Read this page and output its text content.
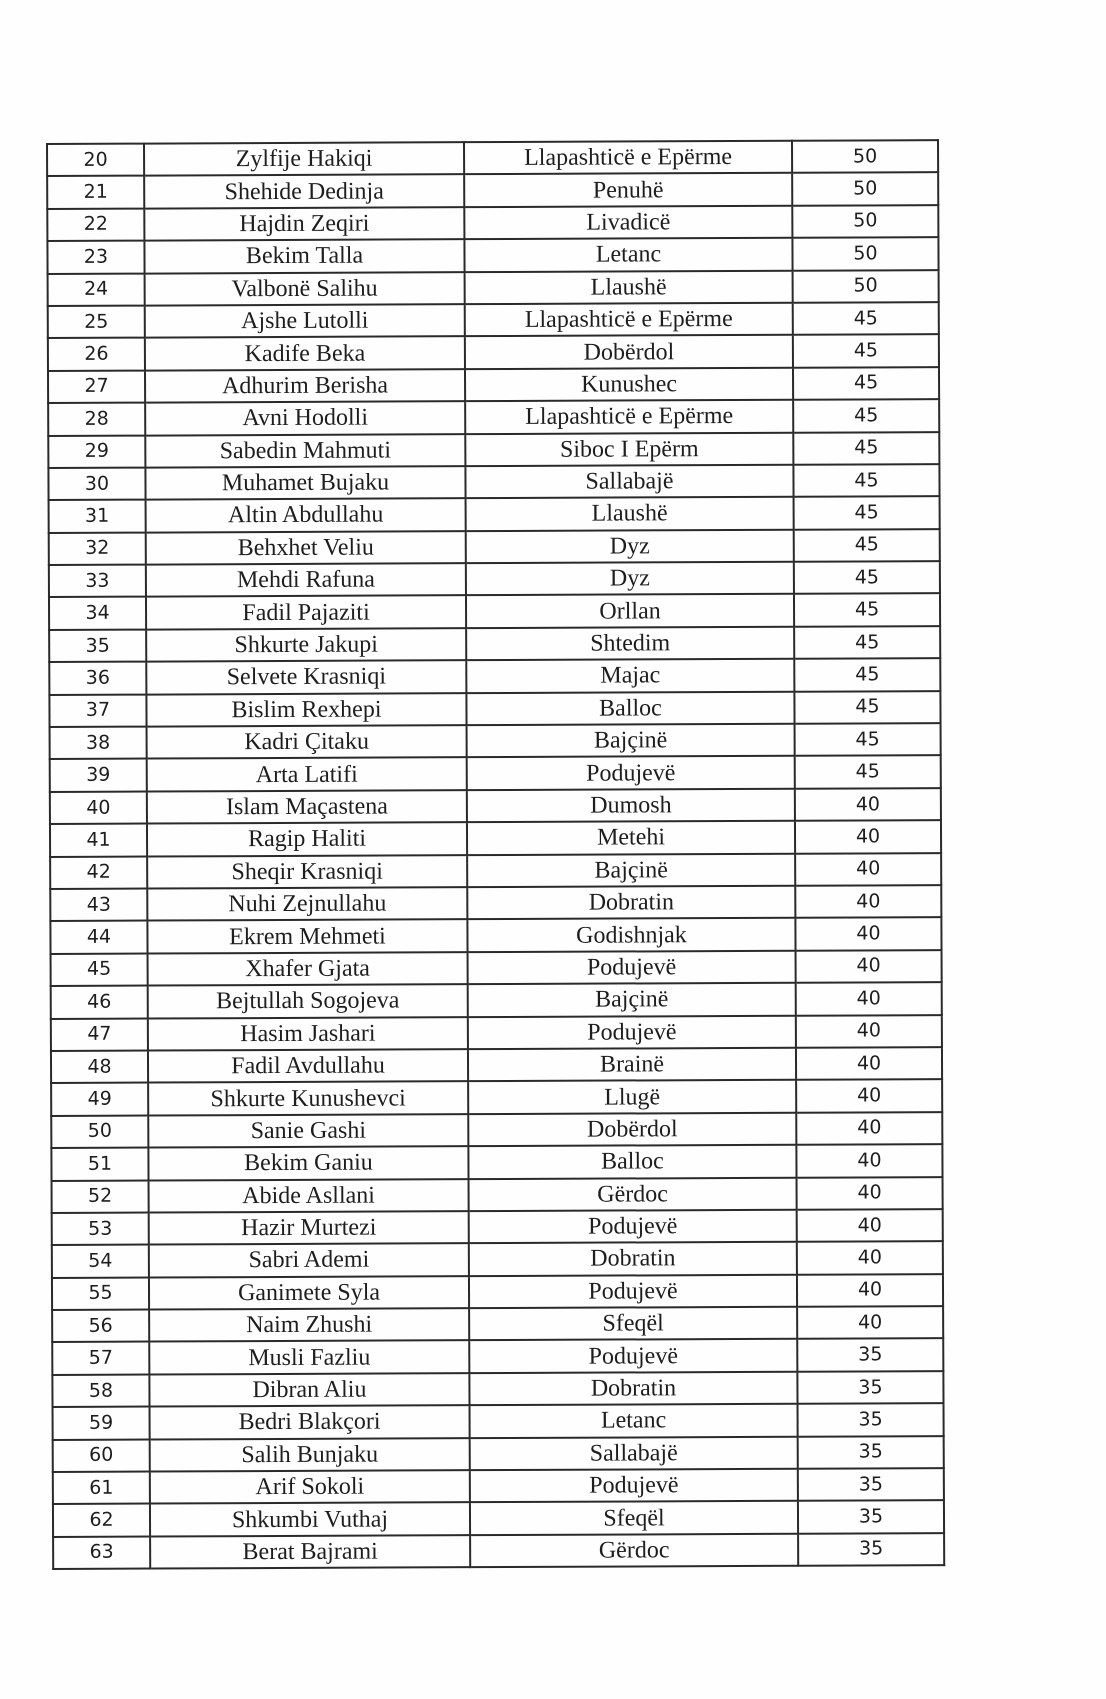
20	Zylfije Hakiqi	Llapashticë e Epërme	50
21	Shehide Dedinja	Penuhë	50
22	Hajdin Zeqiri	Livadicë	50
23	Bekim Talla	Letanc	50
24	Valbonë Salihu	Llaushë	50
25	Ajshe Lutolli	Llapashticë e Epërme	45
26	Kadife Beka	Dobërdol	45
27	Adhurim Berisha	Kunushec	45
28	Avni Hodolli	Llapashticë e Epërme	45
29	Sabedin Mahmuti	Siboc I Epërm	45
30	Muhamet Bujaku	Sallabajë	45
31	Altin Abdullahu	Llaushë	45
32	Behxhet Veliu	Dyz	45
33	Mehdi Rafuna	Dyz	45
34	Fadil Pajaziti	Orllan	45
35	Shkurte Jakupi	Shtedim	45
36	Selvete Krasniqi	Majac	45
37	Bislim Rexhepi	Balloc	45
38	Kadri Çitaku	Bajçinë	45
39	Arta Latifi	Podujevë	45
40	Islam Maçastena	Dumosh	40
41	Ragip Haliti	Metehi	40
42	Sheqir Krasniqi	Bajçinë	40
43	Nuhi Zejnullahu	Dobratin	40
44	Ekrem Mehmeti	Godishnjak	40
45	Xhafer Gjata	Podujevë	40
46	Bejtullah Sogojeva	Bajçinë	40
47	Hasim Jashari	Podujevë	40
48	Fadil Avdullahu	Brainë	40
49	Shkurte Kunushevci	Llugë	40
50	Sanie Gashi	Dobërdol	40
51	Bekim Ganiu	Balloc	40
52	Abide Asllani	Gërdoc	40
53	Hazir Murtezi	Podujevë	40
54	Sabri Ademi	Dobratin	40
55	Ganimete Syla	Podujevë	40
56	Naim Zhushi	Sfeqël	40
57	Musli Fazliu	Podujevë	35
58	Dibran Aliu	Dobratin	35
59	Bedri Blakçori	Letanc	35
60	Salih Bunjaku	Sallabajë	35
61	Arif Sokoli	Podujevë	35
62	Shkumbi Vuthaj	Sfeqël	35
63	Berat Bajrami	Gërdoc	35
